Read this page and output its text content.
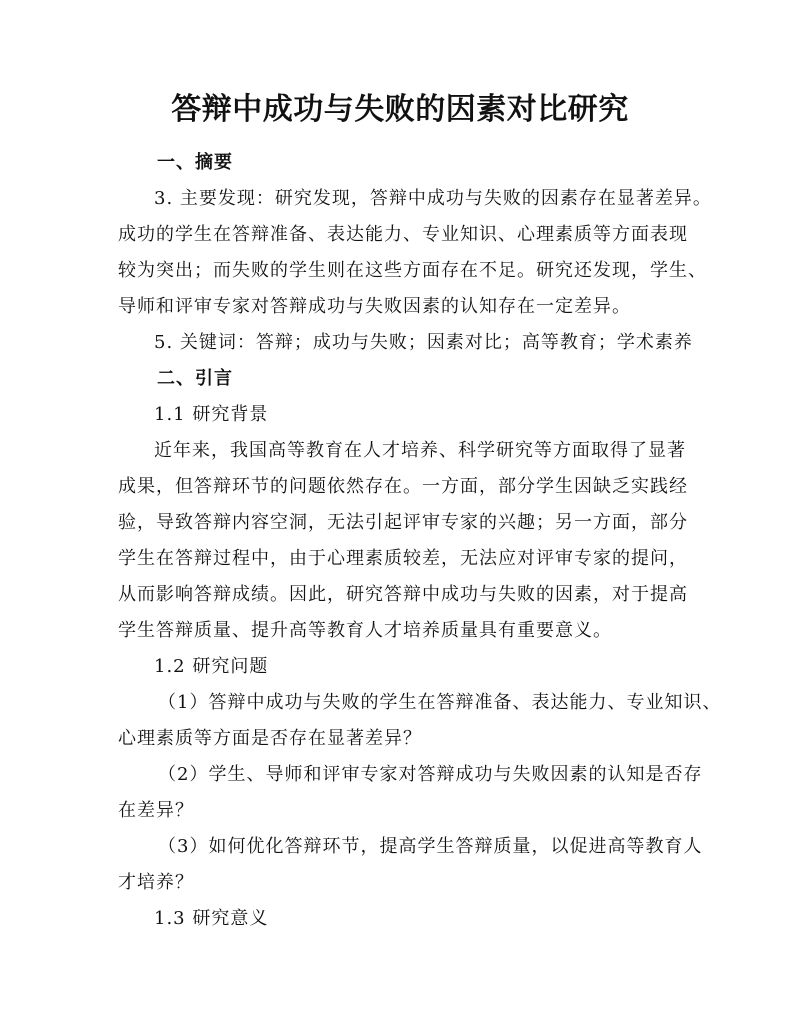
答辩中成功与失败的因素对比研究
一、摘要
3. 主要发现：研究发现，答辩中成功与失败的因素存在显著差异。
成功的学生在答辩准备、表达能力、专业知识、心理素质等方面表现
较为突出；而失败的学生则在这些方面存在不足。研究还发现，学生、
导师和评审专家对答辩成功与失败因素的认知存在一定差异。
5. 关键词：答辩；成功与失败；因素对比；高等教育；学术素养
二、引言
1.1 研究背景
近年来，我国高等教育在人才培养、科学研究等方面取得了显著
成果，但答辩环节的问题依然存在。一方面，部分学生因缺乏实践经
验，导致答辩内容空洞，无法引起评审专家的兴趣；另一方面，部分
学生在答辩过程中，由于心理素质较差，无法应对评审专家的提问，
从而影响答辩成绩。因此，研究答辩中成功与失败的因素，对于提高
学生答辩质量、提升高等教育人才培养质量具有重要意义。
1.2 研究问题
（1）答辩中成功与失败的学生在答辩准备、表达能力、专业知识、
心理素质等方面是否存在显著差异？
（2）学生、导师和评审专家对答辩成功与失败因素的认知是否存
在差异？
（3）如何优化答辩环节，提高学生答辩质量，以促进高等教育人
才培养？
1.3 研究意义
